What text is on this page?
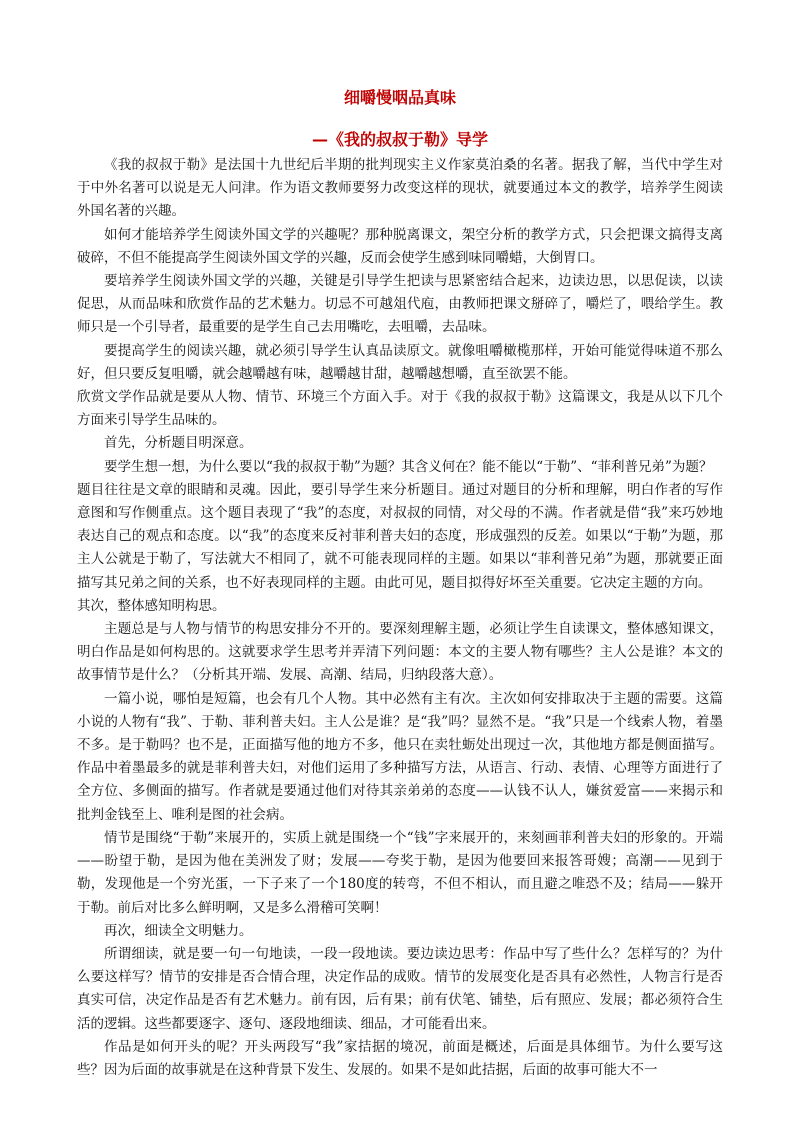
细嚼慢咽品真味
—《我的叔叔于勒》导学

《我的叔叔于勒》是法国十九世纪后半期的批判现实主义作家莫泊桑的名著。据我了解，当代中学生对于中外名著可以说是无人问津。作为语文教师要努力改变这样的现状，就要通过本文的教学，培养学生阅读外国名著的兴趣。

如何才能培养学生阅读外国文学的兴趣呢？那种脱离课文，架空分析的教学方式，只会把课文搞得支离破碎，不但不能提高学生阅读外国文学的兴趣，反而会使学生感到味同嚼蜡，大倒胃口。

要培养学生阅读外国文学的兴趣，关键是引导学生把读与思紧密结合起来，边读边思，以思促读，以读促思，从而品味和欣赏作品的艺术魅力。切忌不可越俎代庖，由教师把课文掰碎了，嚼烂了，喂给学生。教师只是一个引导者，最重要的是学生自己去用嘴吃，去咀嚼，去品味。

要提高学生的阅读兴趣，就必须引导学生认真品读原文。就像咀嚼橄榄那样，开始可能觉得味道不那么好，但只要反复咀嚼，就会越嚼越有味，越嚼越甘甜，越嚼越想嚼，直至欲罢不能。

欣赏文学作品就是要从人物、情节、环境三个方面入手。对于《我的叔叔于勒》这篇课文，我是从以下几个方面来引导学生品味的。

首先，分析题目明深意。

要学生想一想，为什么要以“我的叔叔于勒”为题？其含义何在？能不能以“于勒”、“菲利普兄弟”为题？

题目往往是文章的眼睛和灵魂。因此，要引导学生来分析题目。通过对题目的分析和理解，明白作者的写作意图和写作侧重点。这个题目表现了“我”的态度，对叔叔的同情，对父母的不满。作者就是借“我”来巧妙地表达自己的观点和态度。以“我”的态度来反衬菲利普夫妇的态度，形成强烈的反差。如果以“于勒”为题，那主人公就是于勒了，写法就大不相同了，就不可能表现同样的主题。如果以“菲利普兄弟”为题，那就要正面描写其兄弟之间的关系，也不好表现同样的主题。由此可见，题目拟得好坏至关重要。它决定主题的方向。

其次，整体感知明构思。

主题总是与人物与情节的构思安排分不开的。要深刻理解主题，必须让学生自读课文，整体感知课文，明白作品是如何构思的。这就要求学生思考并弄清下列问题：本文的主要人物有哪些？主人公是谁？本文的故事情节是什么？（分析其开端、发展、高潮、结局，归纳段落大意）。

一篇小说，哪怕是短篇，也会有几个人物。其中必然有主有次。主次如何安排取决于主题的需要。这篇小说的人物有“我”、于勒、菲利普夫妇。主人公是谁？是“我”吗？显然不是。“我”只是一个线索人物，着墨不多。是于勒吗？也不是，正面描写他的地方不多，他只在卖牡蛎处出现过一次，其他地方都是侧面描写。作品中着墨最多的就是菲利普夫妇，对他们运用了多种描写方法，从语言、行动、表情、心理等方面进行了全方位、多侧面的描写。作者就是要通过他们对待其亲弟弟的态度——认钱不认人，嫌贫爱富——来揭示和批判金钱至上、唯利是图的社会病。

情节是围绕“于勒”来展开的，实质上就是围绕一个“钱”字来展开的，来刻画菲利普夫妇的形象的。开端——盼望于勒，是因为他在美洲发了财；发展——夸奖于勒，是因为他要回来报答哥嫂；高潮——见到于勒，发现他是一个穷光蛋，一下子来了一个180度的转弯，不但不相认，而且避之唯恐不及；结局——躲开于勒。前后对比多么鲜明啊，又是多么滑稽可笑啊！

再次，细读全文明魅力。

所谓细读，就是要一句一句地读，一段一段地读。要边读边思考：作品中写了些什么？怎样写的？为什么要这样写？情节的安排是否合情合理，决定作品的成败。情节的发展变化是否具有必然性，人物言行是否真实可信，决定作品是否有艺术魅力。前有因，后有果；前有伏笔、铺垫，后有照应、发展；都必须符合生活的逻辑。这些都要逐字、逐句、逐段地细读、细品，才可能看出来。

作品是如何开头的呢？开头两段写“我”家拮据的境况，前面是概述，后面是具体细节。为什么要写这些？因为后面的故事就是在这种背景下发生、发展的。如果不是如此拮据，后面的故事可能大不一
